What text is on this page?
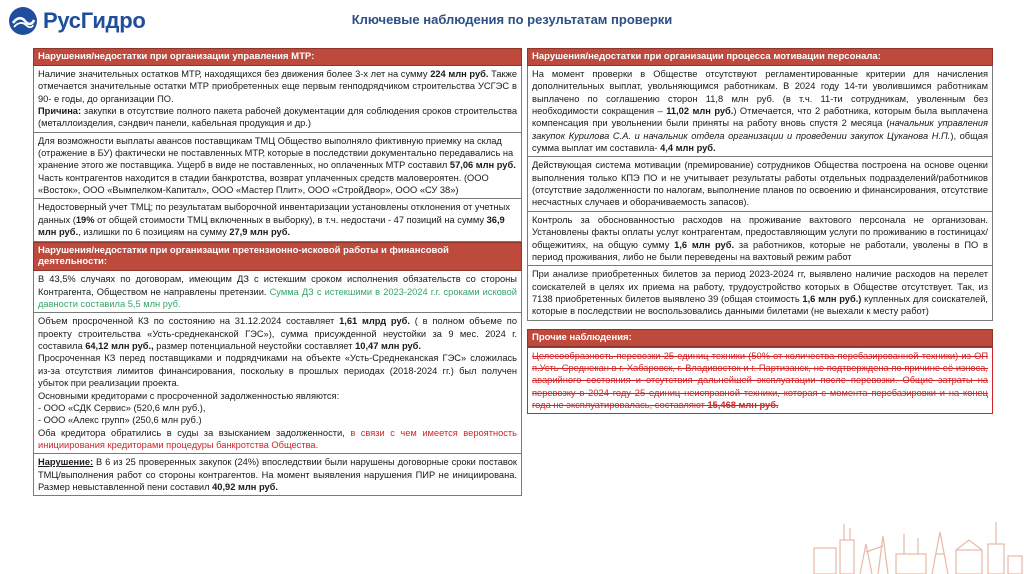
РусГидро	Ключевые наблюдения по результатам проверки
Нарушения/недостатки при организации управления МТР:

Наличие значительных остатков МТР, находящихся без движения более 3-х лет на сумму 224 млн руб. Также отмечается значительные остатки МТР приобретенных еще первым генподрядчиком строительства УСГЭС в 90- е годы, до организации ПО.

Причина: закупки в отсутствие полного пакета рабочей документации для соблюдения сроков строительства (металлоизделия, сэндвич панели, кабельная продукция и др.)

Для возможности выплаты авансов поставщикам ТМЦ Общество выполняло фиктивную приемку на склад (отражение в БУ) фактически не поставленных МТР, которые в последствии документально передавались на хранение этого же поставщика. Ущерб в виде не поставленных, но оплаченных МТР составил 57,06 млн руб. Часть контрагентов находится в стадии банкротства, возврат уплаченных средств маловероятен. (ООО «Восток», ООО «Вымпелком-Капитал», ООО «Мастер Плит», ООО «СтройДвор», ООО «СУ 38»)

Недостоверный учет ТМЦ; по результатам выборочной инвентаризации установлены отклонения от учетных данных (19% от общей стоимости ТМЦ включенных в выборку), в т.ч. недостачи - 47 позиций на сумму 36,9 млн руб., излишки по 6 позициям на сумму 27,9 млн руб.

Нарушения/недостатки при организации претензионно-исковой работы и финансовой деятельности:

В 43,5% случаях по договорам, имеющим ДЗ с истекшим сроком исполнения обязательств со стороны Контрагента, Обществом не направлены претензии. Сумма ДЗ с истекшими в 2023-2024 г.г. сроками исковой давности составила 5,5 млн руб.

Объем просроченной КЗ по состоянию на 31.12.2024 составляет 1,61 млрд руб. ( в полном объеме по проекту строительства «Усть-среднеканской ГЭС»), сумма присужденной неустойки за 9 мес. 2024 г. составила 64,12 млн руб., размер потенциальной неустойки составляет 10,47 млн руб.

Просроченная КЗ перед поставщиками и подрядчиками на объекте «Усть-Среднеканская ГЭС» сложилась из-за отсутствия лимитов финансирования, поскольку в прошлых периодах (2018-2024 гг.) был получен убыток при реализации проекта.

Основными кредиторами с просроченной задолженностью являются:

- ООО «СДК Сервис» (520,6 млн руб.),

- ООО «Алекс групп» (250,6 млн руб.)

Оба кредитора обратились в суды за взысканием задолженности, в связи с чем имеется вероятность инициирования кредиторами процедуры банкротства Общества.

Нарушение: В 6 из 25 проверенных закупок (24%) впоследствии были нарушены договорные сроки поставок ТМЦ/выполнения работ со стороны контрагентов. На момент выявления нарушения ПИР не инициирована. Размер невыставленной пени составил 40,92 млн руб.

Нарушения/недостатки при организации процесса мотивации персонала:

На момент проверки в Обществе отсутствуют регламентированные критерии для начисления дополнительных выплат, увольняющимся работникам. В 2024 году 14-ти уволившимся работникам выплачено по соглашению сторон 11,8 млн руб. (в т.ч. 11-ти сотрудникам, уволенным без необходимости сокращения – 11,02 млн руб.) Отмечается, что 2 работника, которым была выплачена компенсация при увольнении были приняты на работу вновь спустя 2 месяца (начальник управления закупок Курилова С.А. и начальник отдела организации и проведении закупок Цуканова Н.П.), общая сумма выплат им составила- 4,4 млн руб.

Действующая система мотивации (премирование) сотрудников Общества построена на основе оценки выполнения только КПЭ ПО и не учитывает результаты работы отдельных подразделений/работников (отсутствие задолженности по налогам, выполнение планов по освоению и финансирования, отсутствие несчастных случаев и оборачиваемость запасов).

Контроль за обоснованностью расходов на проживание вахтового персонала не организован. Установлены факты оплаты услуг контрагентам, предоставляющим услуги по проживанию в гостиницах/общежитиях, на общую сумму 1,6 млн руб. за работников, которые не работали, уволены в ПО в период проживания, либо не были переведены на вахтовый режим работ

При анализе приобретенных билетов за период 2023-2024 гг, выявлено наличие расходов на перелет соискателей в целях их приема на работу, трудоустройство которых в Обществе отсутствует. Так, из 7138 приобретенных билетов выявлено 39 (общая стоимость 1,6 млн руб.) купленных для соискателей, которые в последствии не воспользовались данными билетами (не выехали к месту работ)

Прочие наблюдения:

Целесообразность перевозки 25 единиц техники (50% от количества перебазированной техники) из ОП п.Усть-Среднекан в г. Хабаровск, г. Владивосток и г. Партизанск, не подтверждена по причине её износа, аварийного состояния и отсутствия дальнейшей эксплуатации после перевозки. Общие затраты на перевозку в 2024 году 25 единиц неисправной техники, которая с момента перебазировки и на конец года не эксплуатировалась, составляют 15,468 млн руб.
